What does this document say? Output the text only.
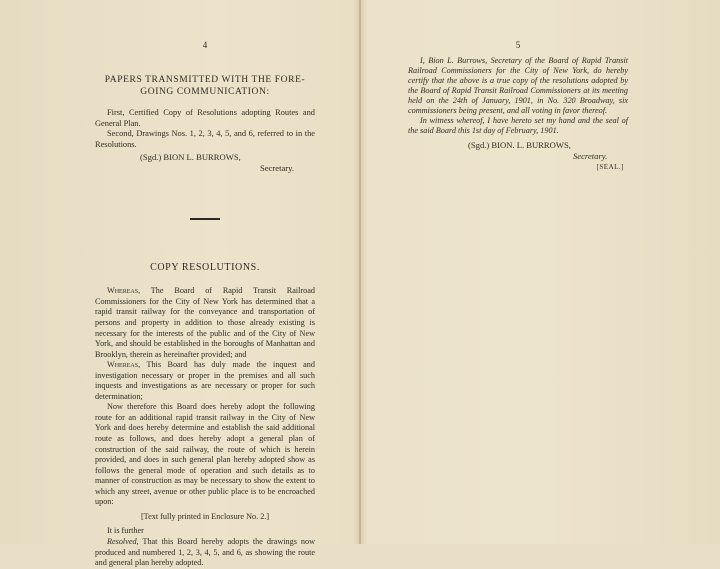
4
PAPERS TRANSMITTED WITH THE FORE-
GOING COMMUNICATION:

First, Certified Copy of Resolutions adopting Routes and General Plan.

Second, Drawings Nos. 1, 2, 3, 4, 5, and 6, referred to in the Resolutions.

(Sgd.) BION L. BURROWS,
Secretary.
COPY RESOLUTIONS.

Whereas, The Board of Rapid Transit Railroad Commissioners for the City of New York has determined that a rapid transit railway for the conveyance and transportation of persons and property in addition to those already existing is necessary for the interests of the public and of the City of New York, and should be established in the boroughs of Manhattan and Brooklyn, therein as hereinafter provided; and

Whereas, This Board has duly made the inquest and investigation necessary or proper in the premises and all such inquests and investigations as are necessary or proper for such determination;

Now therefore this Board does hereby adopt the following route for an additional rapid transit railway in the City of New York and does hereby determine and establish the said additional route as follows, and does hereby adopt a general plan of construction of the said railway, the route of which is herein provided, and does in such general plan hereby adopted show as follows the general mode of operation and such details as to manner of construction as may be necessary to show the extent to which any street, avenue or other public place is to be encroached upon:

[Text fully printed in Enclosure No. 2.]

It is further

Resolved, That this Board hereby adopts the drawings now produced and numbered 1, 2, 3, 4, 5, and 6, as showing the route and general plan hereby adopted.

5

I, Bion L. Burrows, Secretary of the Board of Rapid Transit Railroad Commissioners for the City of New York, do hereby certify that the above is a true copy of the resolutions adopted by the Board of Rapid Transit Railroad Commissioners at its meeting held on the 24th of January, 1901, in No. 320 Broadway, six commissioners being present, and all voting in favor thereof.

In witness whereof, I have hereto set my hand and the seal of the said Board this 1st day of February, 1901.

(Sgd.) BION. L. BURROWS,
Secretary.
[SEAL.]
